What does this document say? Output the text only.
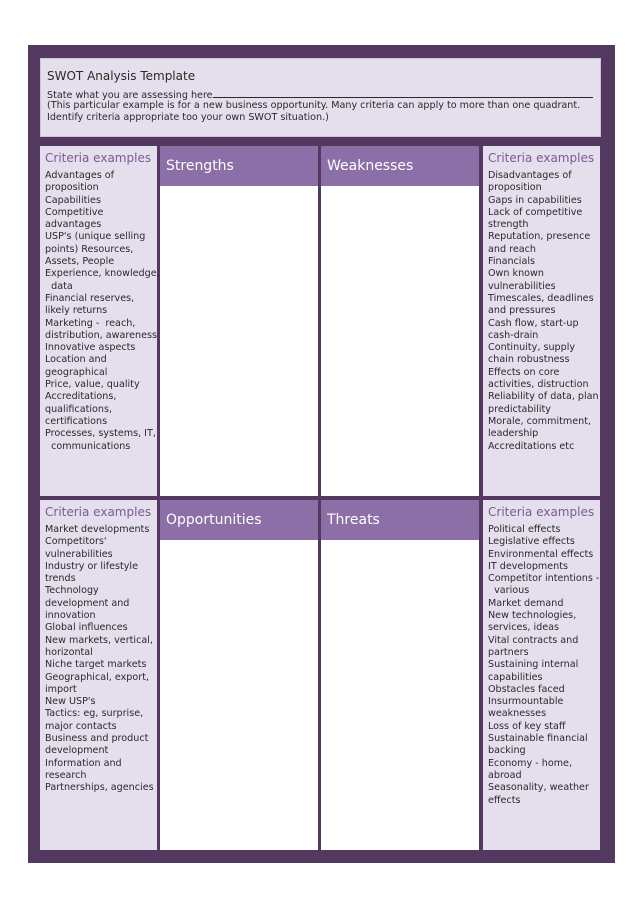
SWOT Analysis Template
State what you are assessing here
(This particular example is for a new business opportunity. Many criteria can apply to more than one quadrant.
Identify criteria appropriate too your own SWOT situation.)
Criteria examples
Advantages of
proposition
Capabilities
Competitive
advantages
USP's (unique selling
points) Resources,
Assets, People
Experience, knowledge,
data
Financial reserves,
likely returns
Marketing -  reach,
distribution, awareness
Innovative aspects
Location and
geographical
Price, value, quality
Accreditations,
qualifications,
certifications
Processes, systems, IT,
communications
Strengths	Weaknesses	Criteria examples
Disadvantages of
proposition
Gaps in capabilities
Lack of competitive
strength
Reputation, presence
and reach
Financials
Own known
vulnerabilities
Timescales, deadlines
and pressures
Cash flow, start-up
cash-drain
Continuity, supply
chain robustness
Effects on core
activities, distruction
Reliability of data, plan
predictability
Morale, commitment,
leadership
Accreditations etc
Criteria examples
Market developments
Competitors'
vulnerabilities
Industry or lifestyle
trends
Technology
development and
innovation
Global influences
New markets, vertical,
horizontal
Niche target markets
Geographical, export,
import
New USP's
Tactics: eg, surprise,
major contacts
Business and product
development
Information and
research
Partnerships, agencies
Opportunities	Threats	Criteria examples
Political effects
Legislative effects
Environmental effects
IT developments
Competitor intentions -
various
Market demand
New technologies,
services, ideas
Vital contracts and
partners
Sustaining internal
capabilities
Obstacles faced
Insurmountable
weaknesses
Loss of key staff
Sustainable financial
backing
Economy - home,
abroad
Seasonality, weather
effects
